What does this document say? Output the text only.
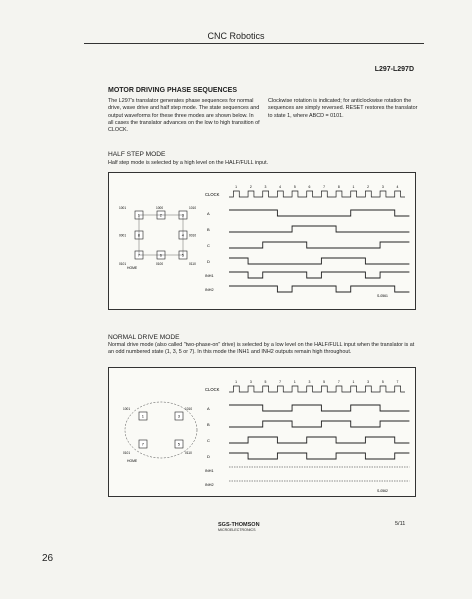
CNC Robotics
L297-L297D
MOTOR DRIVING PHASE SEQUENCES
The L297's translator generates phase sequences for normal drive, wave drive and half step mode. The state sequences and output waveforms for these three modes are shown below. In all cases the translator advances on the low to high transition of CLOCK.
Clockwise rotation is indicated; for anticlockwise rotation the sequences are simply reversed. RESET restores the translator to state 1, where ABCD = 0101.
HALF STEP MODE
Half step mode is selected by a high level on the HALF/FULL input.
CLOCK
1	2	3	4	5	6	7	8	1	2	3	4
A
B
C
D
INH1
INH2
S-0561
1
1001
2
1000
3
1010
4 0010
5
0110
6
0100
7
0101
8
0001
HOME
NORMAL DRIVE MODE
Normal drive mode (also called "two-phase-on" drive) is selected by a low level on the HALF/FULL input when the translator is at an odd numbered state (1, 3, 5 or 7). In this mode the INH1 and INH2 outputs remain high throughout.
CLOCK
1	3	5	7	1	3	5	7	1	3	5	7
A
B
C
D
INH1
INH2
S-0562
1
1001
3
1010
5
0110
7
0101
HOME
SGS-THOMSON
MICROELECTRONICS
5/11
26
